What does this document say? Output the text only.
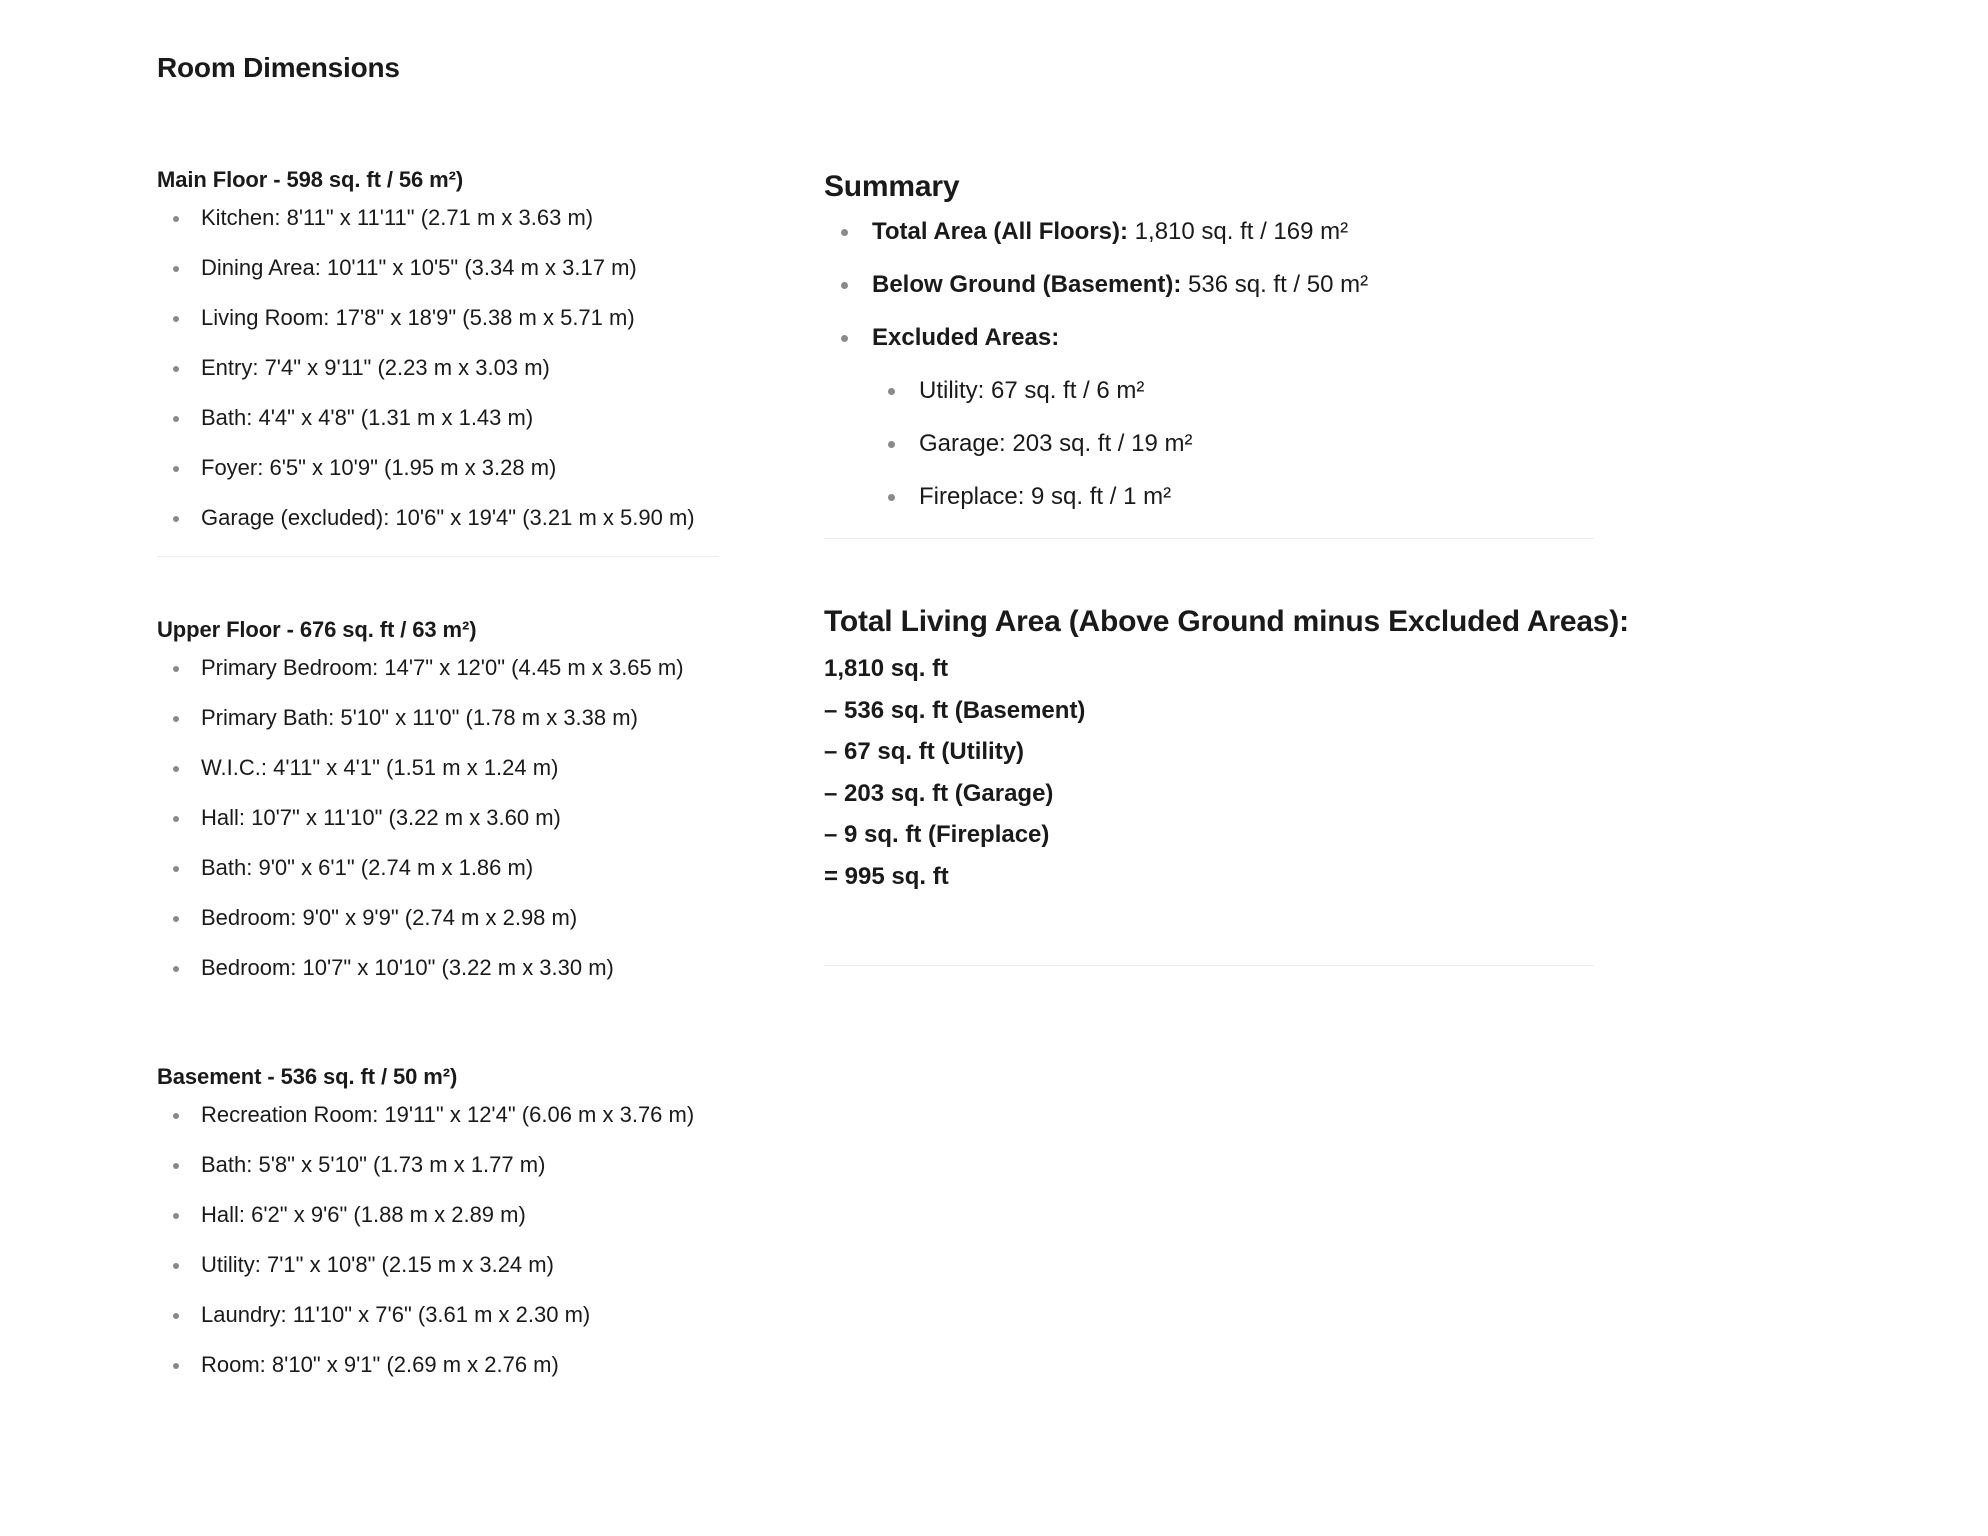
Room Dimensions
Main Floor - 598 sq. ft / 56 m²)
Kitchen: 8'11" x 11'11" (2.71 m x 3.63 m)
Dining Area: 10'11" x 10'5" (3.34 m x 3.17 m)
Living Room: 17'8" x 18'9" (5.38 m x 5.71 m)
Entry: 7'4" x 9'11" (2.23 m x 3.03 m)
Bath: 4'4" x 4'8" (1.31 m x 1.43 m)
Foyer: 6'5" x 10'9" (1.95 m x 3.28 m)
Garage (excluded): 10'6" x 19'4" (3.21 m x 5.90 m)
Upper Floor - 676 sq. ft / 63 m²)
Primary Bedroom: 14'7" x 12'0" (4.45 m x 3.65 m)
Primary Bath: 5'10" x 11'0" (1.78 m x 3.38 m)
W.I.C.: 4'11" x 4'1" (1.51 m x 1.24 m)
Hall: 10'7" x 11'10" (3.22 m x 3.60 m)
Bath: 9'0" x 6'1" (2.74 m x 1.86 m)
Bedroom: 9'0" x 9'9" (2.74 m x 2.98 m)
Bedroom: 10'7" x 10'10" (3.22 m x 3.30 m)
Basement - 536 sq. ft / 50 m²)
Recreation Room: 19'11" x 12'4" (6.06 m x 3.76 m)
Bath: 5'8" x 5'10" (1.73 m x 1.77 m)
Hall: 6'2" x 9'6" (1.88 m x 2.89 m)
Utility: 7'1" x 10'8" (2.15 m x 3.24 m)
Laundry: 11'10" x 7'6" (3.61 m x 2.30 m)
Room: 8'10" x 9'1" (2.69 m x 2.76 m)
Summary
Total Area (All Floors): 1,810 sq. ft / 169 m²
Below Ground (Basement): 536 sq. ft / 50 m²
Excluded Areas:
Utility: 67 sq. ft / 6 m²
Garage: 203 sq. ft / 19 m²
Fireplace: 9 sq. ft / 1 m²
Total Living Area (Above Ground minus Excluded Areas):
1,810 sq. ft
– 536 sq. ft (Basement)
– 67 sq. ft (Utility)
– 203 sq. ft (Garage)
– 9 sq. ft (Fireplace)
= 995 sq. ft
